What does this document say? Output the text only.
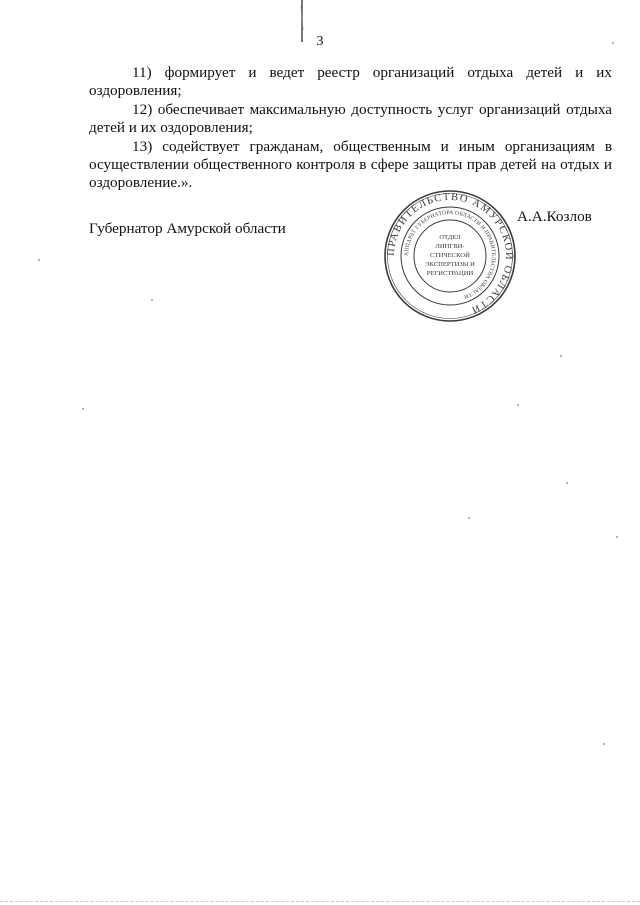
3

11) формирует и ведет реестр организаций отдыха детей и их оздоровления;

12) обеспечивает максимальную доступность услуг организаций отдыха детей и их оздоровления;

13) содействует гражданам, общественным и иным организациям в осуществлении общественного контроля в сфере защиты прав детей на отдых и оздоровление.».

Губернатор Амурской области
ПРАВИТЕЛЬСТВО АМУРСКОЙ ОБЛАСТИ
АППАРАТ ГУБЕРНАТОРА ОБЛАСТИ И ПРАВИТЕЛЬСТВА ОБЛАСТИ
ОТДЕЛ
ЛИНГВИ-
СТИЧЕСКОЙ
ЭКСПЕРТИЗЫ И
РЕГИСТРАЦИИ
А.А.Козлов
